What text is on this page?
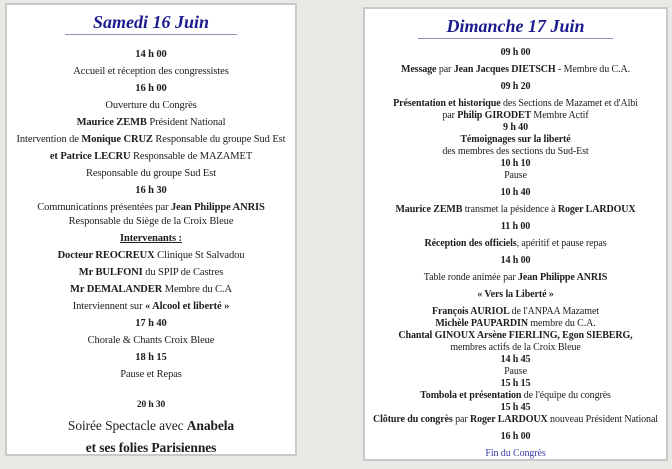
Samedi 16 Juin
14 h 00
Accueil et réception des congressistes
16 h 00
Ouverture du Congrès
Maurice ZEMB Président National
Intervention de Monique CRUZ Responsable du groupe Sud Est
et Patrice LECRU Responsable de MAZAMET
Responsable du groupe Sud Est
16 h 30
Communications présentées par Jean Philippe ANRIS
Responsable du Siège de la Croix Bleue
Intervenants :
Docteur REOCREUX Clinique St Salvadou
Mr BULFONI du SPIP de Castres
Mr DEMALANDER Membre du C.A
Interviennent sur « Alcool et liberté »
17 h 40
Chorale & Chants Croix Bleue
18 h 15
Pause et Repas
20 h 30
Soirée Spectacle avec Anabela
et ses folies Parisiennes
Dimanche 17 Juin
09 h 00
Message par Jean Jacques DIETSCH - Membre du C.A.
09 h 20
Présentation et historique des Sections de Mazamet et d'Albi
par Philip GIRODET Membre Actif
9 h 40
Témoignages sur la liberté
des membres des sections du Sud-Est
10 h 10
Pause
10 h 40
Maurice ZEMB transmet la pésidence à Roger LARDOUX
11 h 00
Réception des officiels, apéritif et pause repas
14 h 00
Table ronde animée par Jean Philippe ANRIS
« Vers la Liberté »
François AURIOL de l'ANPAA Mazamet
Michèle PAUPARDIN membre du C.A.
Chantal GINOUX Arsène FIERLING, Egon SIEBERG,
membres actifs de la Croix Bleue
14 h 45
Pause
15 h 15
Tombola et présentation de l'équipe du congrès
15 h 45
Clôture du congrès par Roger LARDOUX nouveau Président National
16 h 00
Fin du Congrès
